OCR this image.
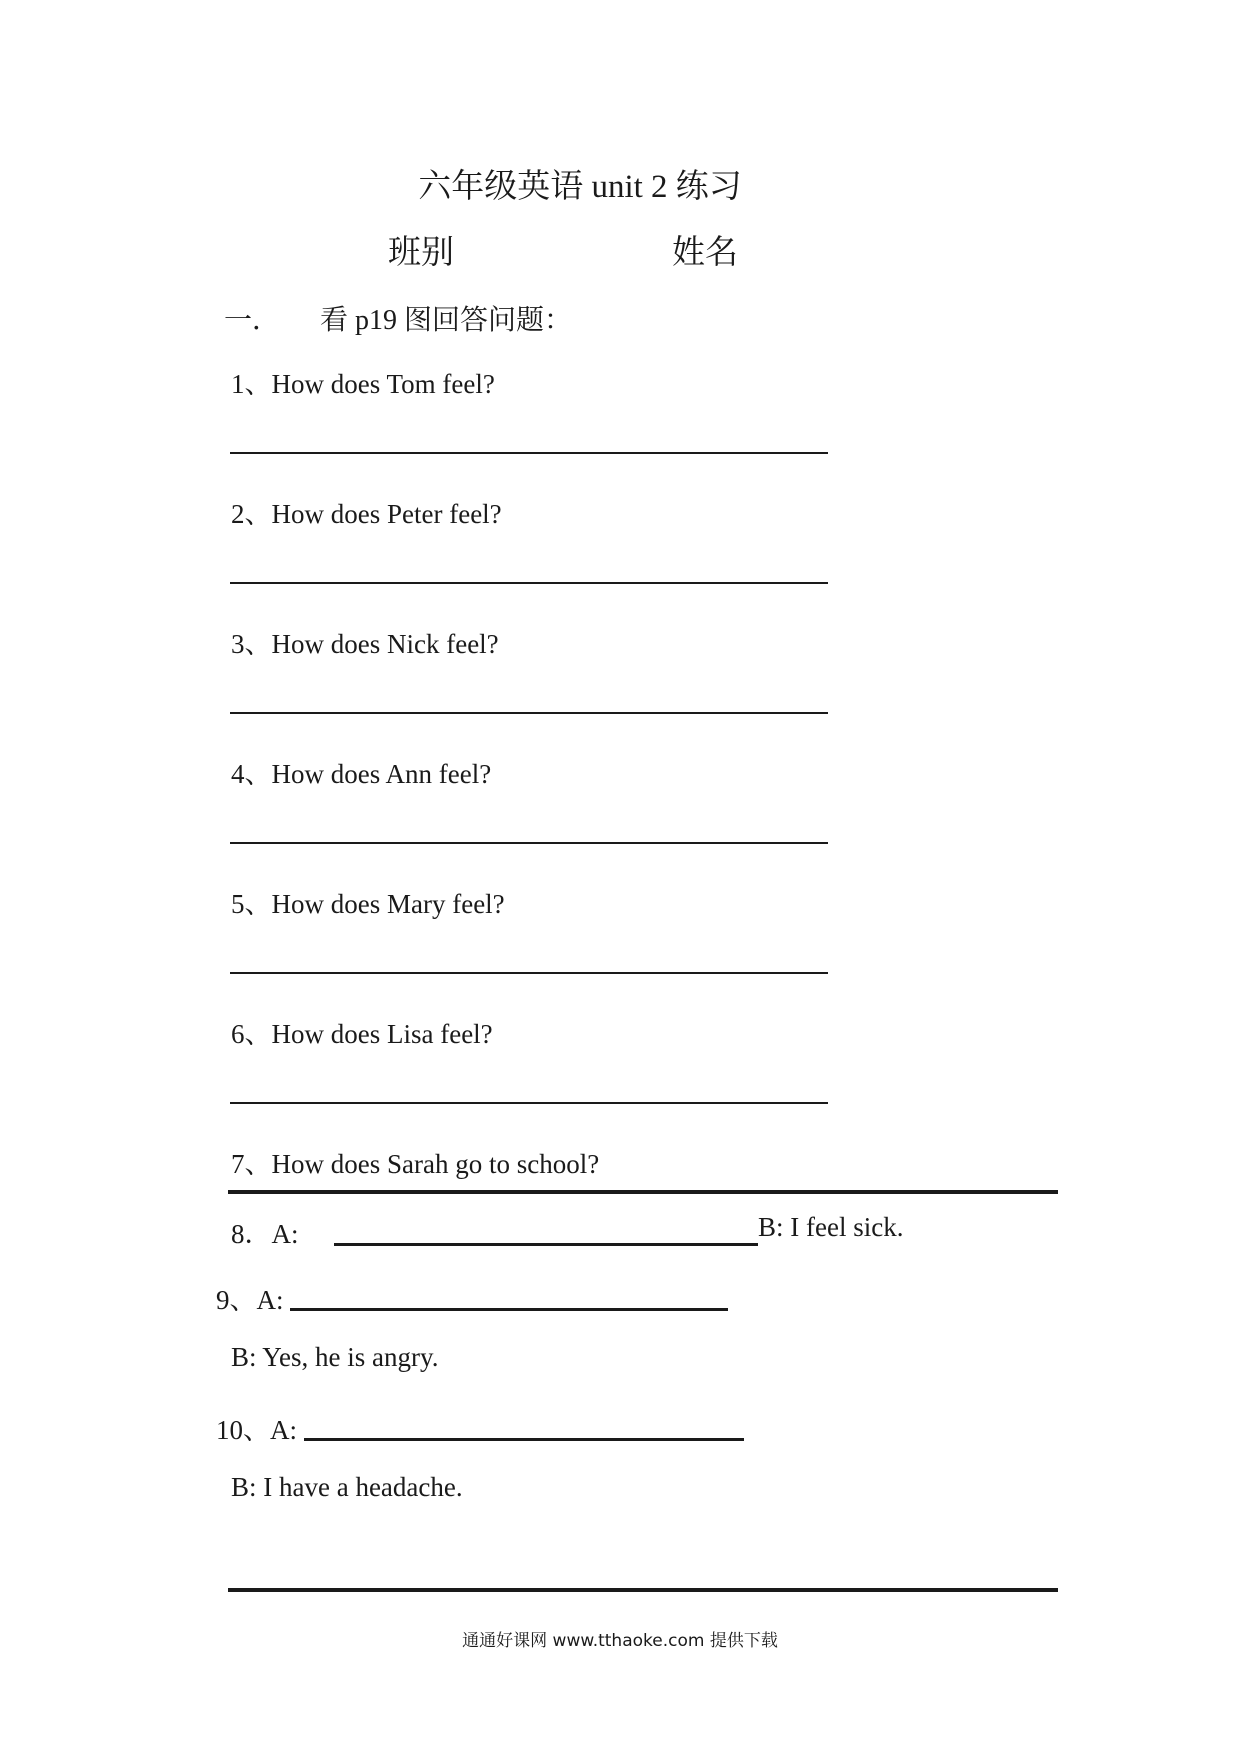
六年级英语 unit 2 练习
班别	姓名
一． 看 p19 图回答问题：
1、How does Tom feel?
2、How does Peter feel?
3、How does Nick feel?
4、How does Ann feel?
5、How does Mary feel?
6、How does Lisa feel?
7、How does Sarah go to school?
8．A:	B: I feel sick.
9、A:
B: Yes, he is angry.
10、A:
B: I have a headache.
通通好课网 www.tthaoke.com 提供下载
